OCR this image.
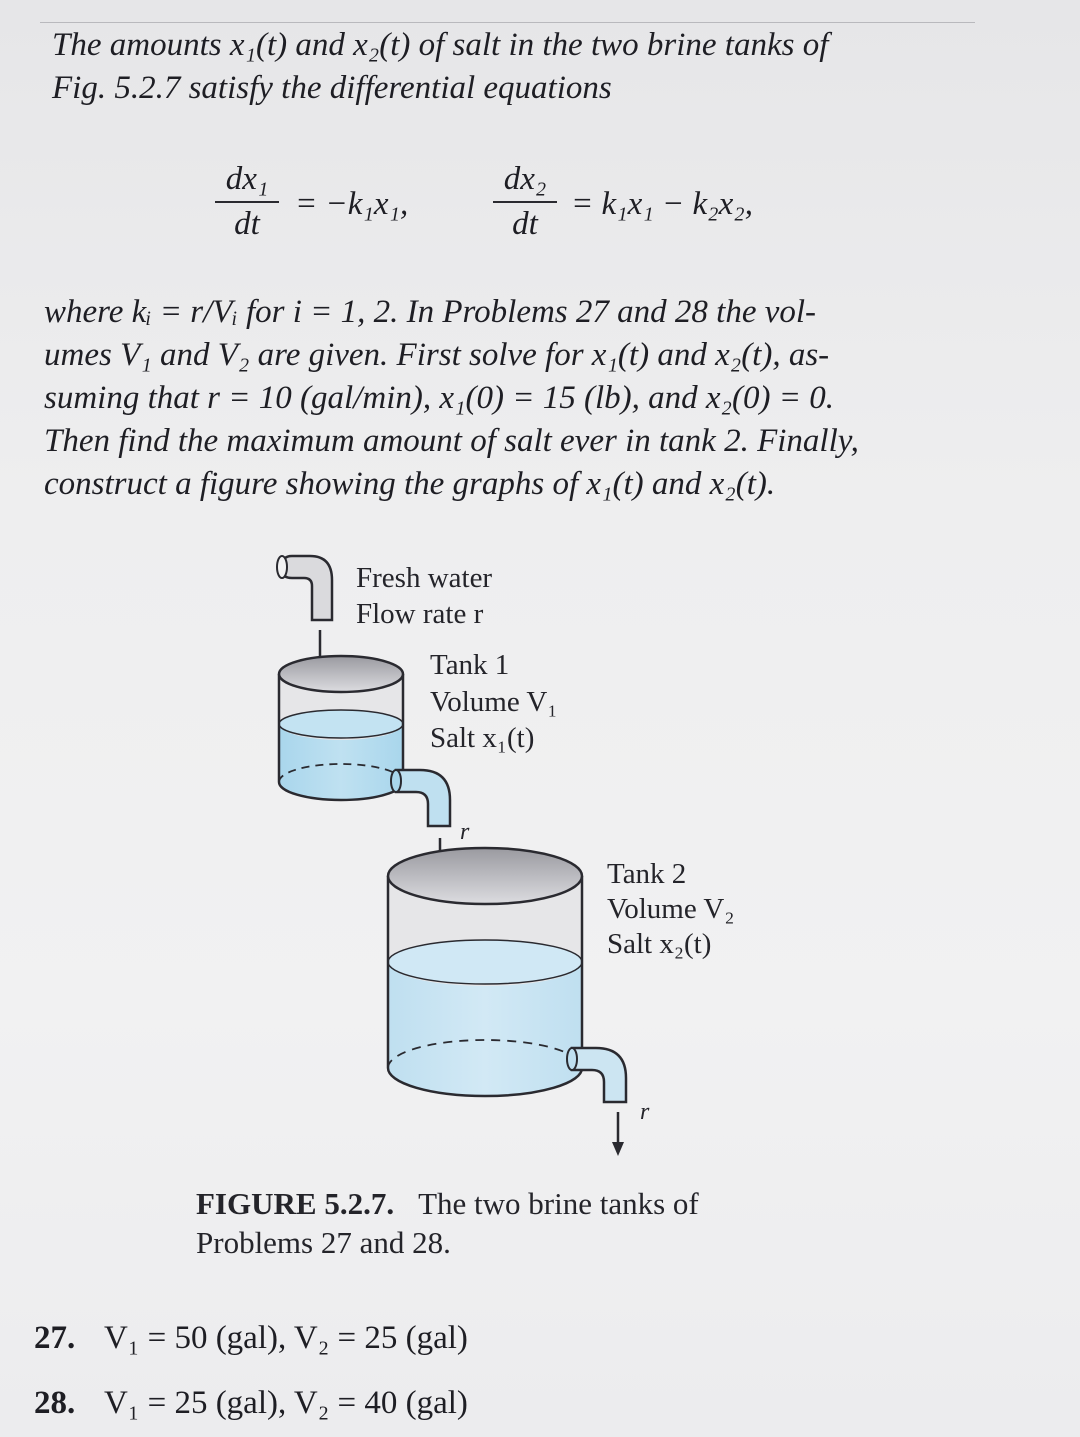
The amounts x₁(t) and x₂(t) of salt in the two brine tanks of
Fig. 5.2.7 satisfy the differential equations

dx₁
dt
= −k₁x₁,
dx₂
dt
= k₁x₁ − k₂x₂,

where kᵢ = r/Vᵢ for i = 1, 2. In Problems 27 and 28 the vol-
umes V₁ and V₂ are given. First solve for x₁(t) and x₂(t), as-
suming that r = 10 (gal/min), x₁(0) = 15 (lb), and x₂(0) = 0.
Then find the maximum amount of salt ever in tank 2. Finally,
construct a figure showing the graphs of x₁(t) and x₂(t).

Fresh water
Flow rate r
Tank 1
Volume V₁
Salt x₁(t)
r
Tank 2
Volume V₂
Salt x₂(t)
r
FIGURE 5.2.7. The two brine tanks of
Problems 27 and 28.
27. V₁ = 50 (gal), V₂ = 25 (gal)
28. V₁ = 25 (gal), V₂ = 40 (gal)
